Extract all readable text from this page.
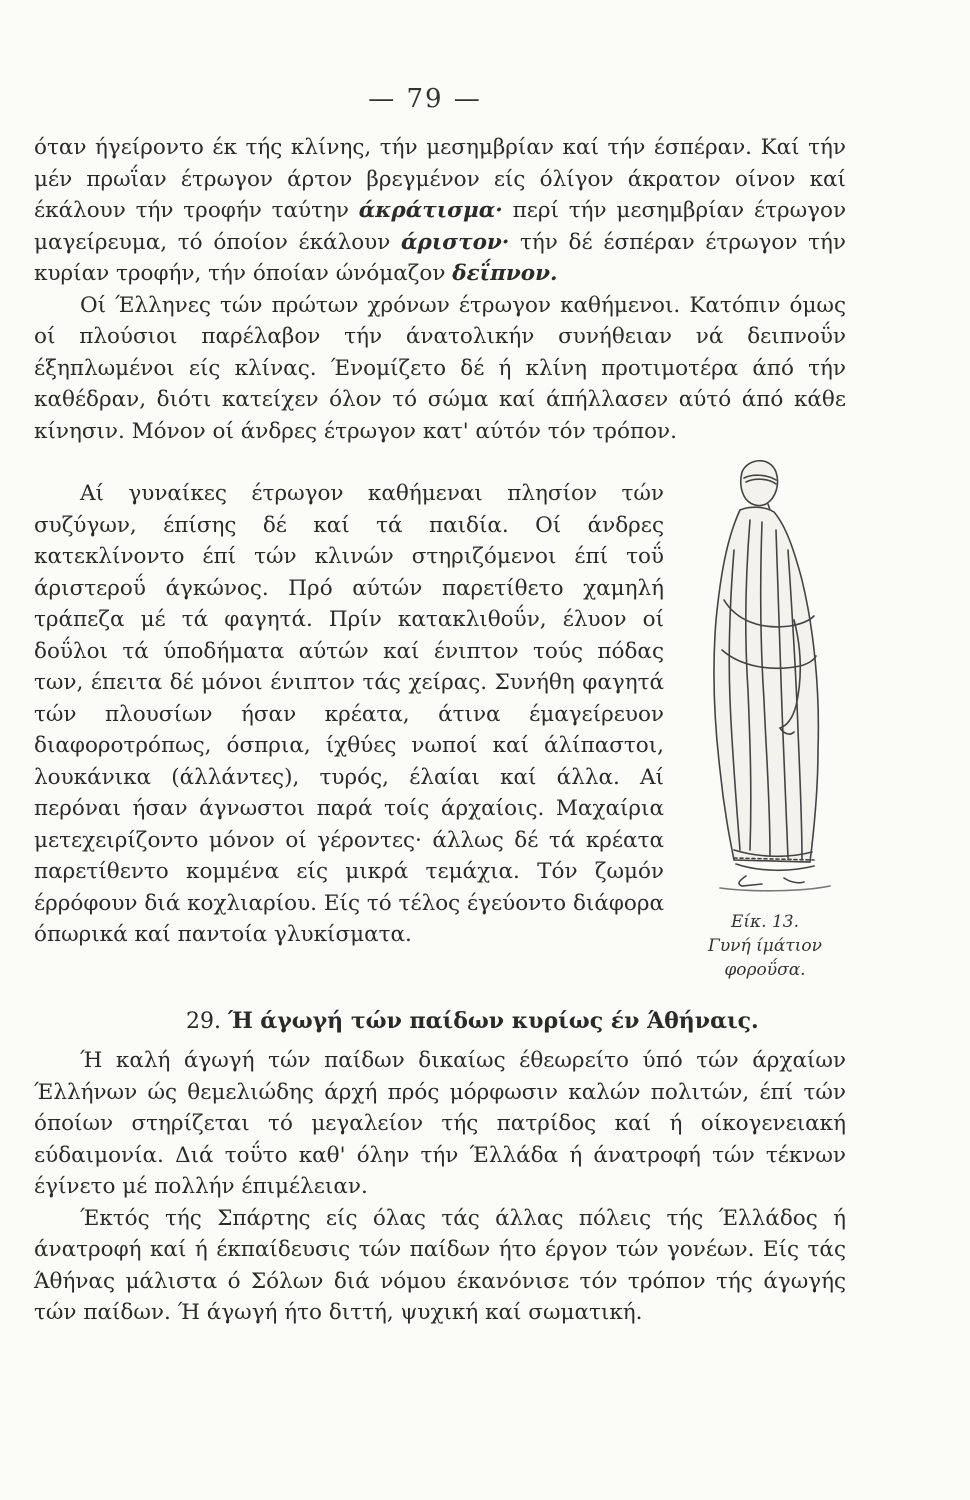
— 79 —

όταν ήγείροντο έκ τής κλίνης, τήν μεσημβρίαν καί τήν έσπέραν. Καί τήν μέν πρωΐαν έτρωγον άρτον βρεγμένον είς όλίγον άκρατον οίνον καί έκάλουν τήν τροφήν ταύτην άκράτισμα· περί τήν μεσημβρίαν έτρωγον μαγείρευμα, τό όποίον έκάλουν άριστον· τήν δέ έσπέραν έτρωγον τήν κυρίαν τροφήν, τήν όποίαν ώνόμαζον δεΐπνον.

Οί Έλληνες τών πρώτων χρόνων έτρωγον καθήμενοι. Κατόπιν όμως οί πλούσιοι παρέλαβον τήν άνατολικήν συνήθειαν νά δειπνοΰν έξηπλωμένοι είς κλίνας. Ένομίζετο δέ ή κλίνη προτιμοτέρα άπό τήν καθέδραν, διότι κατείχεν όλον τό σώμα καί άπήλλασεν αύτό άπό κάθε κίνησιν. Μόνον οί άνδρες έτρωγον κατ' αύτόν τόν τρόπον.

Αί γυναίκες έτρωγον καθήμεναι πλησίον τών συζύγων, έπίσης δέ καί τά παιδία. Οί άνδρες κατεκλίνοντο έπί τών κλινών στηριζόμενοι έπί τοΰ άριστεροΰ άγκώνος. Πρό αύτών παρετίθετο χαμηλή τράπεζα μέ τά φαγητά. Πρίν κατακλιθοΰν, έλυον οί δοΰλοι τά ύποδήματα αύτών καί ένιπτον τούς πόδας των, έπειτα δέ μόνοι ένιπτον τάς χείρας. Συνήθη φαγητά τών πλουσίων ήσαν κρέατα, άτινα έμαγείρευον διαφοροτρόπως, όσπρια, ίχθύες νωποί καί άλίπαστοι, λουκάνικα (άλλάντες), τυρός, έλαίαι καί άλλα. Αί περόναι ήσαν άγνωστοι παρά τοίς άρχαίοις. Μαχαίρια μετεχειρίζοντο μόνον οί γέροντες· άλλως δέ τά κρέατα παρετίθεντο κομμένα είς μικρά τεμάχια. Τόν ζωμόν έρρόφουν διά κοχλιαρίου. Είς τό τέλος έγεύοντο διάφορα όπωρικά καί παντοία γλυκίσματα.	Είκ. 13.
Γυνή ίμάτιον
φοροΰσα.
29. Ή άγωγή τών παίδων κυρίως έν Άθήναις.

Ή καλή άγωγή τών παίδων δικαίως έθεωρείτο ύπό τών άρχαίων Έλλήνων ώς θεμελιώδης άρχή πρός μόρφωσιν καλών πολιτών, έπί τών όποίων στηρίζεται τό μεγαλείον τής πατρίδος καί ή οίκογενειακή εύδαιμονία. Διά τοΰτο καθ' όλην τήν Έλλάδα ή άνατροφή τών τέκνων έγίνετο μέ πολλήν έπιμέλειαν.

Έκτός τής Σπάρτης είς όλας τάς άλλας πόλεις τής Έλλάδος ή άνατροφή καί ή έκπαίδευσις τών παίδων ήτο έργον τών γονέων. Είς τάς Άθήνας μάλιστα ό Σόλων διά νόμου έκανόνισε τόν τρόπον τής άγωγής τών παίδων. Ή άγωγή ήτο διττή, ψυχική καί σωματική.
